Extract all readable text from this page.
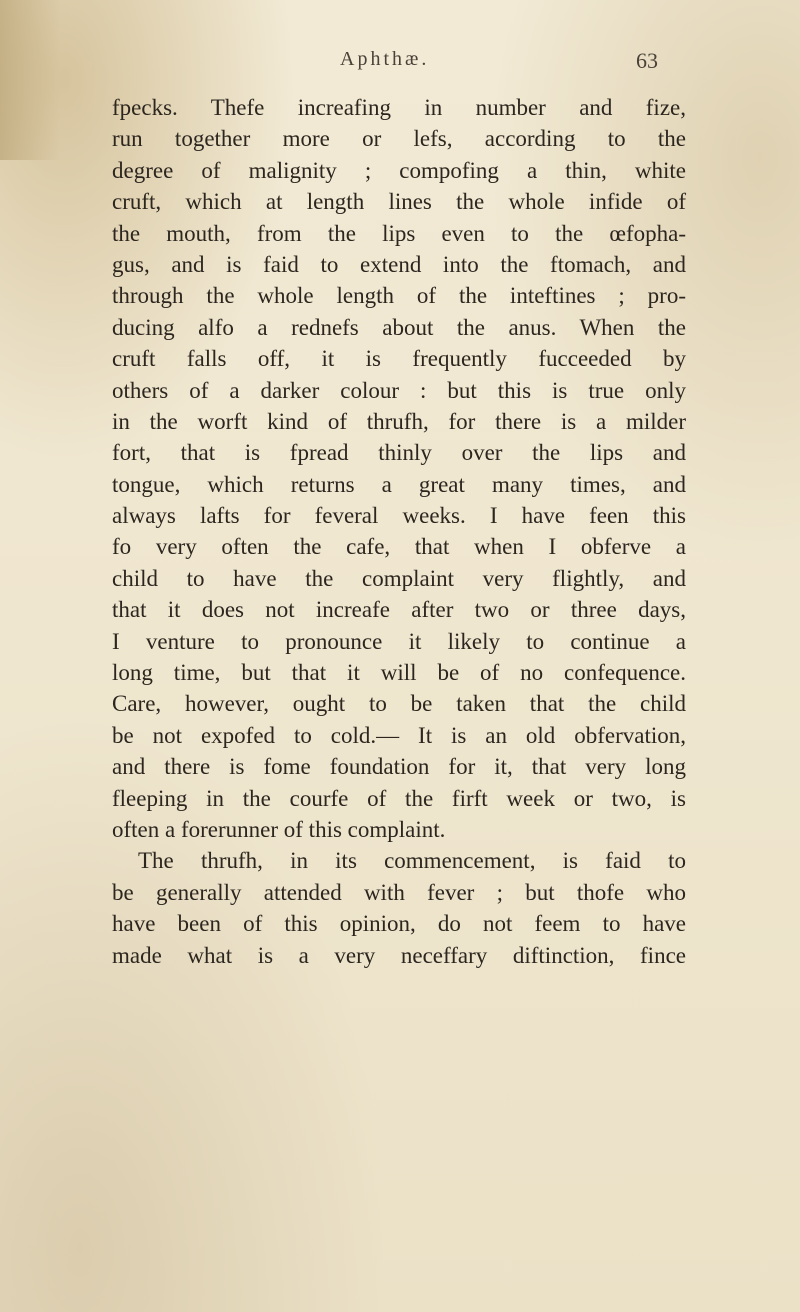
Aphthæ.	63
fpecks. Thefe increafing in number and fize,
run together more or lefs, according to the
degree of malignity ; compofing a thin, white
cruft, which at length lines the whole infide of
the mouth, from the lips even to the œfopha-
gus, and is faid to extend into the ftomach, and
through the whole length of the inteftines ; pro-
ducing alfo a rednefs about the anus. When the
cruft falls off, it is frequently fucceeded by
others of a darker colour : but this is true only
in the worft kind of thrufh, for there is a milder
fort, that is fpread thinly over the lips and
tongue, which returns a great many times, and
always lafts for feveral weeks. I have feen this
fo very often the cafe, that when I obferve a
child to have the complaint very flightly, and
that it does not increafe after two or three days,
I venture to pronounce it likely to continue a
long time, but that it will be of no confequence.
Care, however, ought to be taken that the child
be not expofed to cold.— It is an old obfervation,
and there is fome foundation for it, that very long
fleeping in the courfe of the firft week or two, is
often a forerunner of this complaint.
The thrufh, in its commencement, is faid to
be generally attended with fever ; but thofe who
have been of this opinion, do not feem to have
made what is a very neceffary diftinction, fince
